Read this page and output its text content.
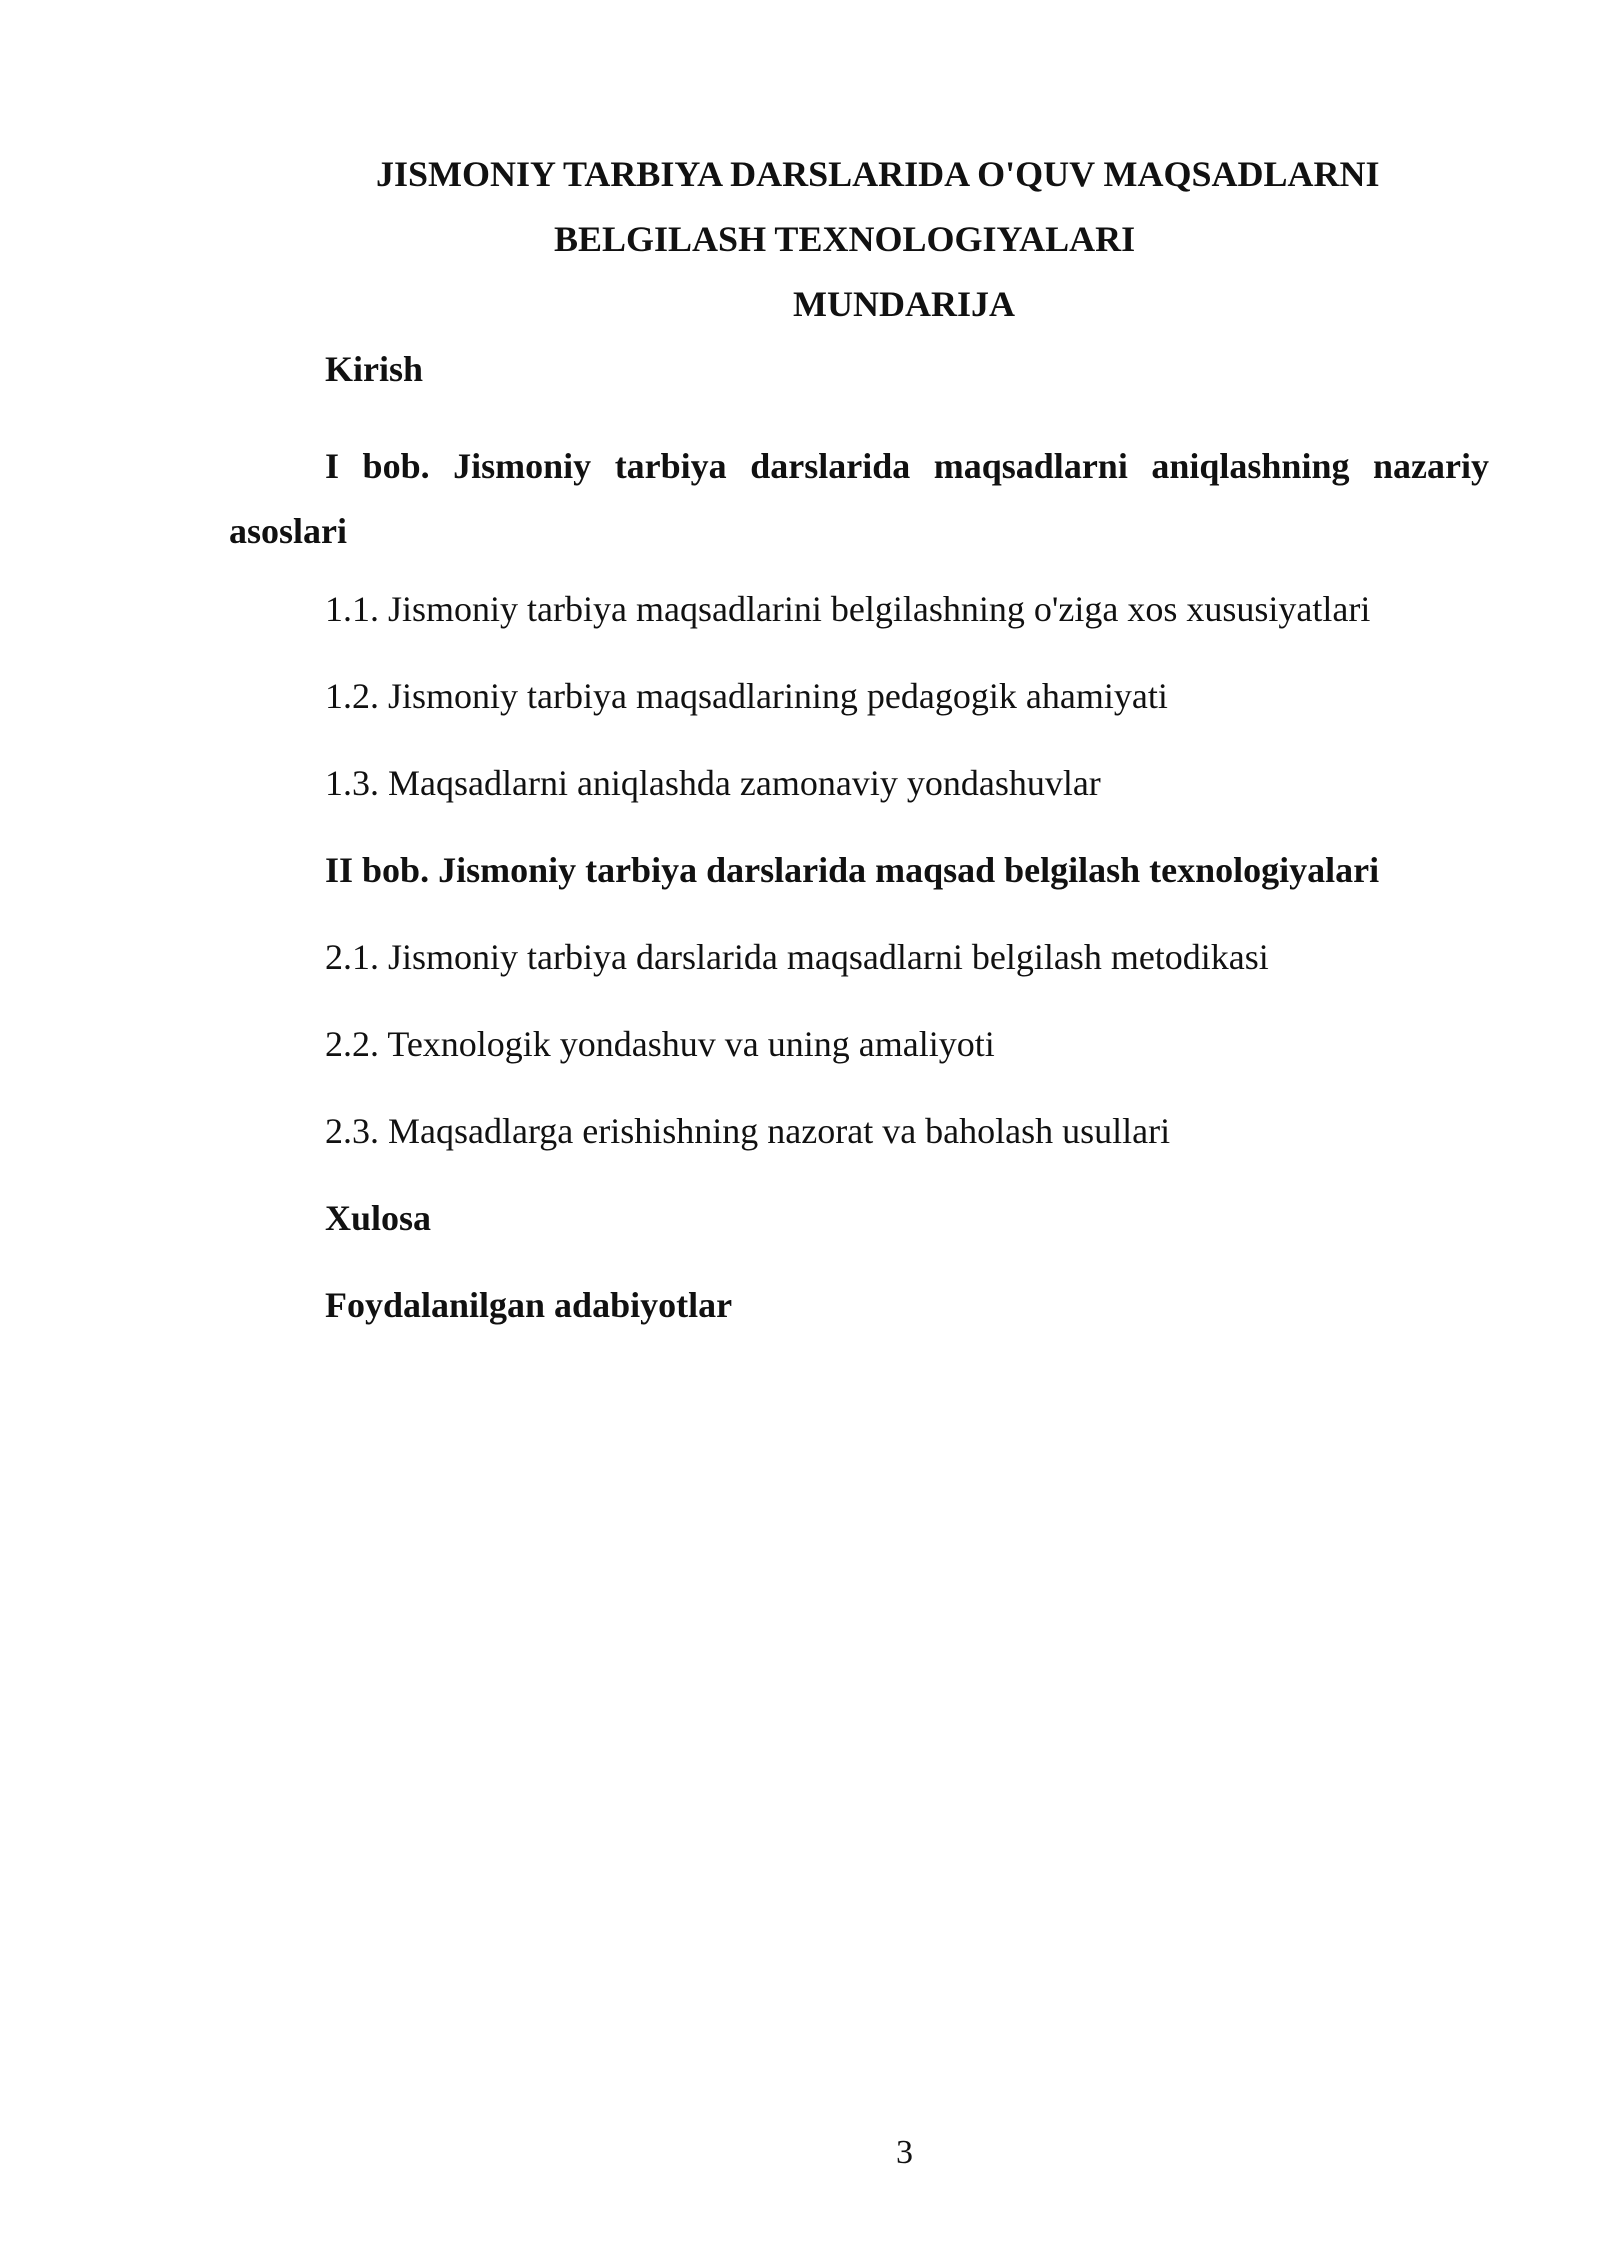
JISMONIY TARBIYA DARSLARIDA O'QUV MAQSADLARNI
BELGILASH TEXNOLOGIYALARI
MUNDARIJA
Kirish
I bob. Jismoniy tarbiya darslarida maqsadlarni aniqlashning nazariy asoslari
1.1. Jismoniy tarbiya maqsadlarini belgilashning o'ziga xos xususiyatlari
1.2. Jismoniy tarbiya maqsadlarining pedagogik ahamiyati
1.3. Maqsadlarni aniqlashda zamonaviy yondashuvlar
II bob. Jismoniy tarbiya darslarida maqsad belgilash texnologiyalari
2.1. Jismoniy tarbiya darslarida maqsadlarni belgilash metodikasi
2.2. Texnologik yondashuv va uning amaliyoti
2.3. Maqsadlarga erishishning nazorat va baholash usullari
Xulosa
Foydalanilgan adabiyotlar
3
